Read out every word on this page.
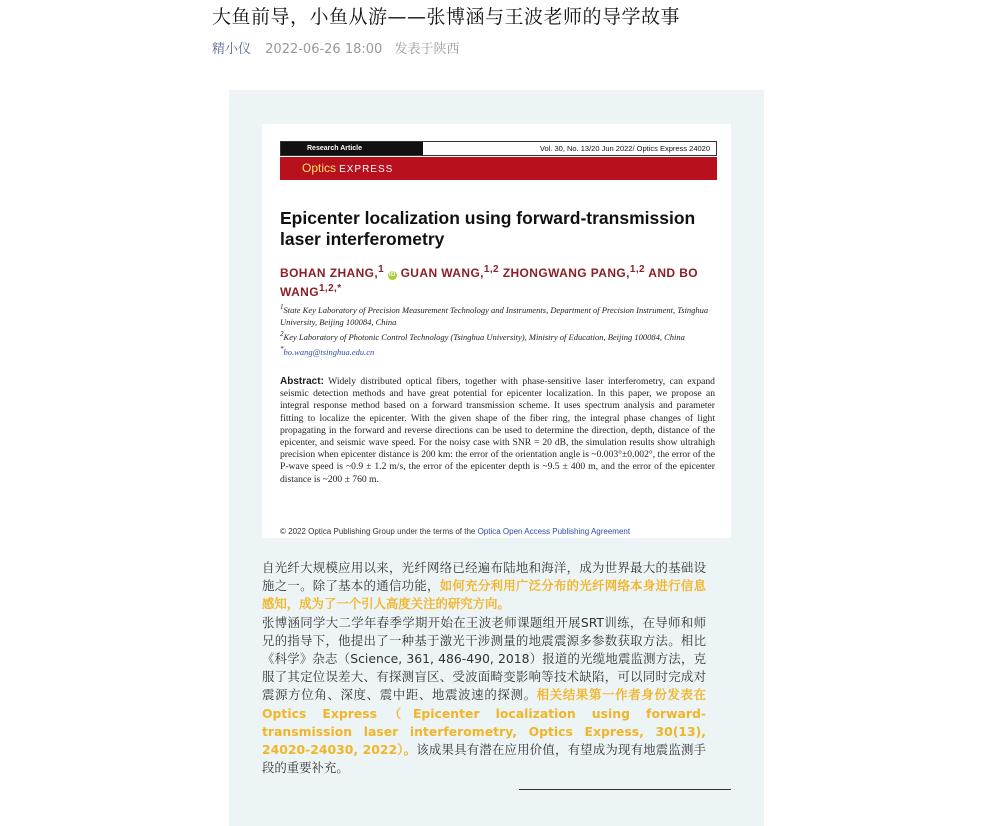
大鱼前导，小鱼从游——张博涵与王波老师的导学故事
精小仪 2022-06-26 18:00 发表于陕西
Research Article	Vol. 30, No. 13/20 Jun 2022/ Optics Express 24020
Optics EXPRESS
Epicenter localization using forward-transmission laser interferometry
BOHAN ZHANG,$^1$ iD GUAN WANG,$^{1,2}$ ZHONGWANG PANG,$^{1,2}$ AND BO $WANG^{1,2,*}$
$^1$State Key Laboratory of Precision Measurement Technology and Instruments, Department of Precision Instrument, Tsinghua University, Beijing 100084, China
$^2$Key Laboratory of Photonic Control Technology (Tsinghua University), Ministry of Education, Beijing 100084, China
*bo.wang@tsinghua.edu.cn
Abstract: Widely distributed optical fibers, together with phase-sensitive laser interferometry, can expand seismic detection methods and have great potential for epicenter localization. In this paper, we propose an integral response method based on a forward transmission scheme. It uses spectrum analysis and parameter fitting to localize the epicenter. With the given shape of the fiber ring, the integral phase changes of light propagating in the forward and reverse directions can be used to determine the direction, depth, distance of the epicenter, and seismic wave speed. For the noisy case with SNR = 20 dB, the simulation results show ultrahigh precision when epicenter distance is 200 km: the error of the orientation angle is ~0.003°±0.002°, the error of the P-wave speed is ~0.9 ± 1.2 m/s, the error of the epicenter depth is ~9.5 ± 400 m, and the error of the epicenter distance is ~200 ± 760 m.
© 2022 Optica Publishing Group under the terms of the Optica Open Access Publishing Agreement

自光纤大规模应用以来，光纤网络已经遍布陆地和海洋，成为世界最大的基础设施之一。除了基本的通信功能，如何充分利用广泛分布的光纤网络本身进行信息感知，成为了一个引人高度关注的研究方向。

张博涵同学大二学年春季学期开始在王波老师课题组开展SRT训练，在导师和师兄的指导下，他提出了一种基于激光干涉测量的地震震源多参数获取方法。相比《科学》杂志（Science, 361, 486-490, 2018）报道的光缆地震监测方法，克服了其定位误差大、有探测盲区、受波面畸变影响等技术缺陷，可以同时完成对震源方位角、深度、震中距、地震波速的探测。相关结果第一作者身份发表在Optics Express（Epicenter localization using forward-transmission laser interferometry, Optics Express, 30(13), 24020-24030, 2022）。该成果具有潜在应用价值，有望成为现有地震监测手段的重要补充。
